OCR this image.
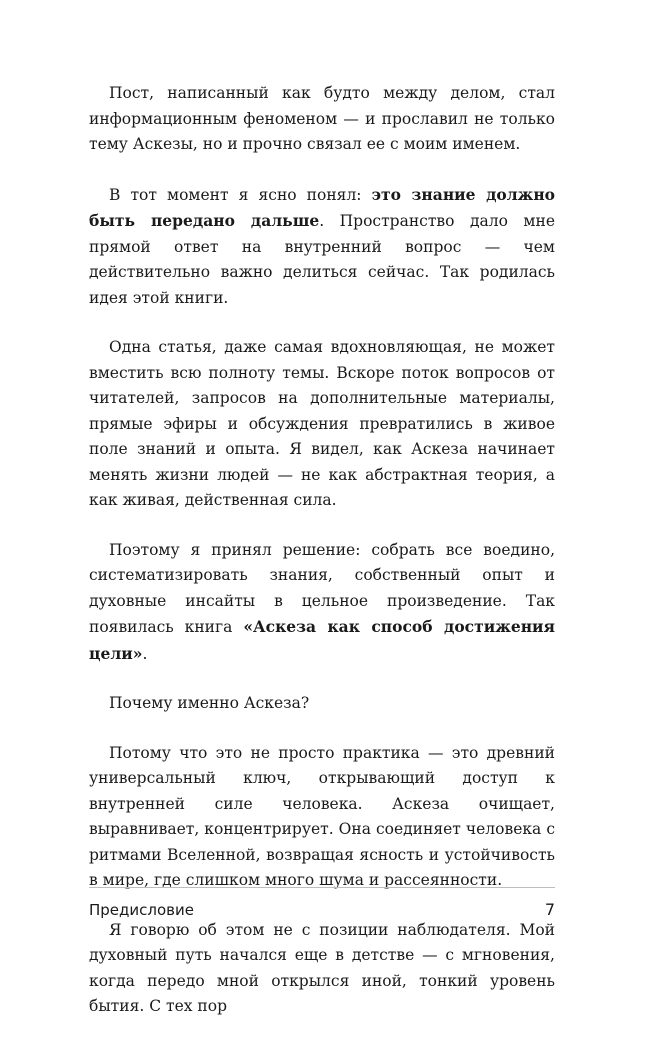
Пост, написанный как будто между делом, стал информационным феноменом — и прославил не только тему Аскезы, но и прочно связал ее с моим именем.

В тот момент я ясно понял: это знание должно быть передано дальше. Пространство дало мне прямой ответ на внутренний вопрос — чем действительно важно делиться сейчас. Так родилась идея этой книги.

Одна статья, даже самая вдохновляющая, не может вместить всю полноту темы. Вскоре поток вопросов от читателей, запросов на дополнительные материалы, прямые эфиры и обсуждения превратились в живое поле знаний и опыта. Я видел, как Аскеза начинает менять жизни людей — не как абстрактная теория, а как живая, действенная сила.

Поэтому я принял решение: собрать все воедино, систематизировать знания, собственный опыт и духовные инсайты в цельное произведение. Так появилась книга «Аскеза как способ достижения цели».

Почему именно Аскеза?

Потому что это не просто практика — это древний универсальный ключ, открывающий доступ к внутренней силе человека. Аскеза очищает, выравнивает, концентрирует. Она соединяет человека с ритмами Вселенной, возвращая ясность и устойчивость в мире, где слишком много шума и рассеянности.

Я говорю об этом не с позиции наблюдателя. Мой духовный путь начался еще в детстве — с мгновения, когда передо мной открылся иной, тонкий уровень бытия. С тех пор

Предисловие	7
